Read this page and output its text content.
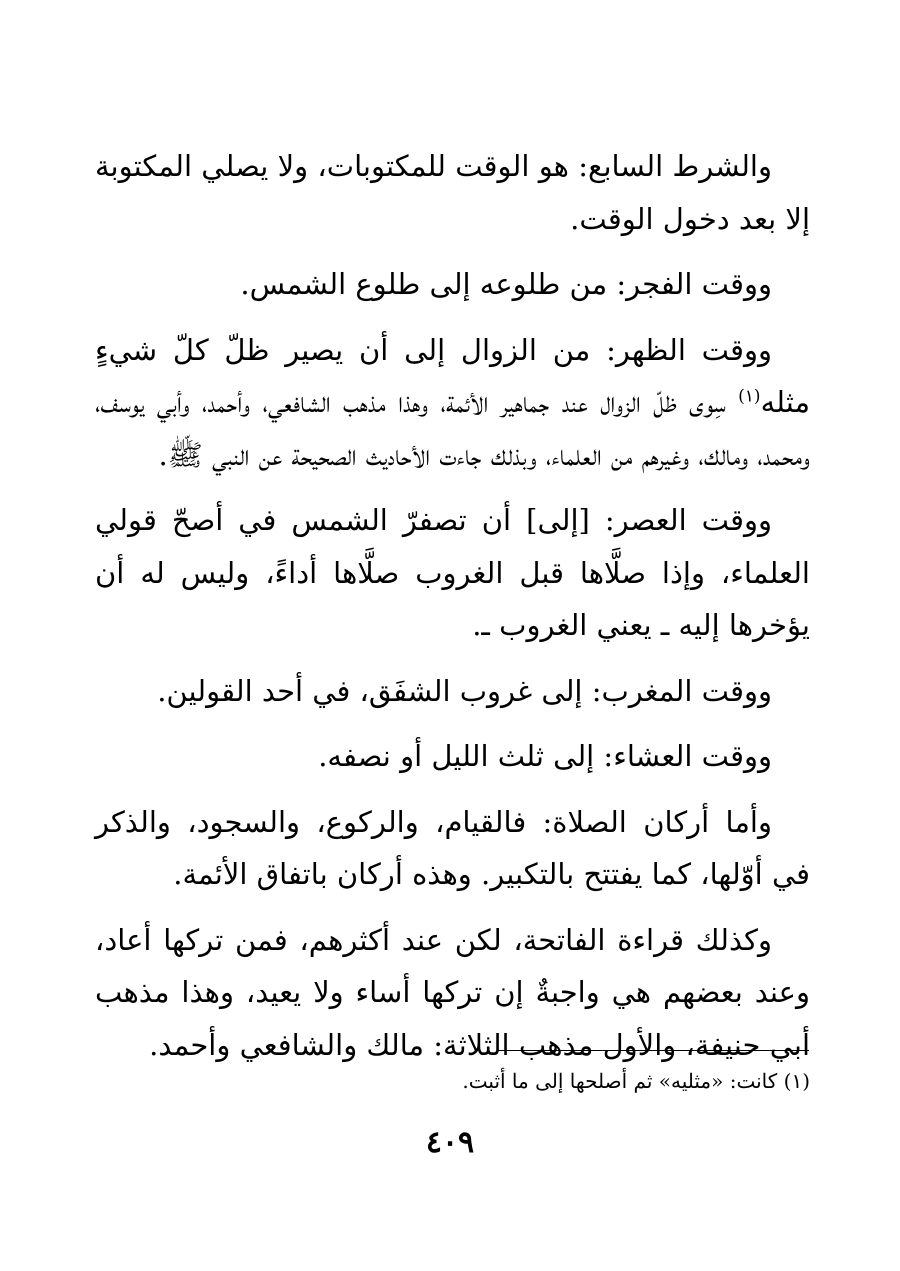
والشرط السابع: هو الوقت للمكتوبات، ولا يصلي المكتوبة إلا بعد دخول الوقت.

ووقت الفجر: من طلوعه إلى طلوع الشمس.

ووقت الظهر: من الزوال إلى أن يصير ظلّ كلّ شيءٍ مثله$^{(١)}$ سِوى ظلّ الزوال عند جماهير الأئمة، وهذا مذهب الشافعي، وأحمد، وأبي يوسف، ومحمد، ومالك، وغيرهم من العلماء، وبذلك جاءت الأحاديث الصحيحة عن النبي ﷺ.

ووقت العصر: [إلى] أن تصفرّ الشمس في أصحّ قولي العلماء، وإذا صلَّاها قبل الغروب صلَّاها أداءً، وليس له أن يؤخرها إليه ـ يعني الغروب ـ.

ووقت المغرب: إلى غروب الشفَق، في أحد القولين.

ووقت العشاء: إلى ثلث الليل أو نصفه.

وأما أركان الصلاة: فالقيام، والركوع، والسجود، والذكر في أوّلها، كما يفتتح بالتكبير. وهذه أركان باتفاق الأئمة.

وكذلك قراءة الفاتحة، لكن عند أكثرهم، فمن تركها أعاد، وعند بعضهم هي واجبةٌ إن تركها أساء ولا يعيد، وهذا مذهب أبي حنيفة، والأول مذهب الثلاثة: مالك والشافعي وأحمد.

(١) كانت: «مثليه» ثم أصلحها إلى ما أثبت.
٤٠٩
